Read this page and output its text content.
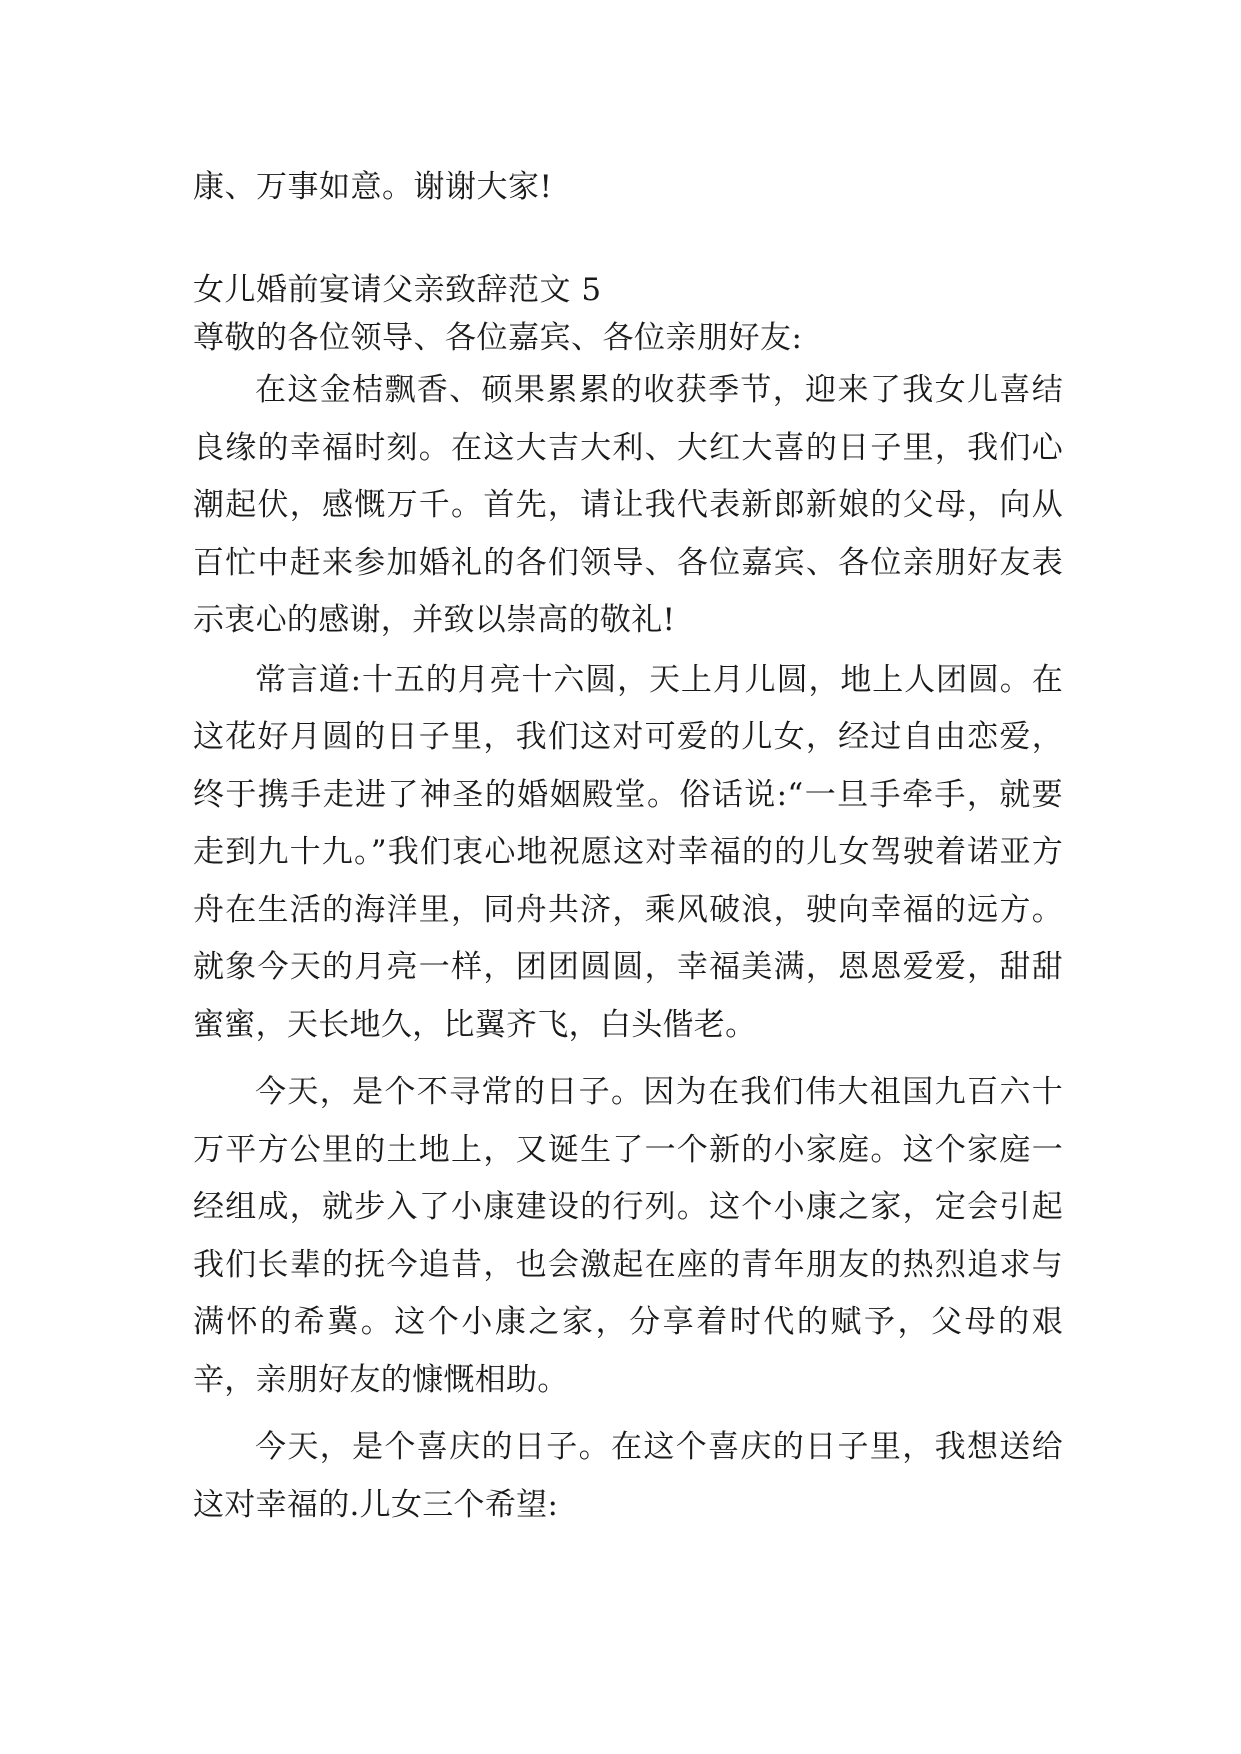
康、万事如意。谢谢大家!
女儿婚前宴请父亲致辞范文 5
尊敬的各位领导、各位嘉宾、各位亲朋好友:

在这金桔飘香、硕果累累的收获季节，迎来了我女儿喜结良缘的幸福时刻。在这大吉大利、大红大喜的日子里，我们心潮起伏，感慨万千。首先，请让我代表新郎新娘的父母，向从百忙中赶来参加婚礼的各们领导、各位嘉宾、各位亲朋好友表示衷心的感谢，并致以崇高的敬礼!

常言道:十五的月亮十六圆，天上月儿圆，地上人团圆。在这花好月圆的日子里，我们这对可爱的儿女，经过自由恋爱，终于携手走进了神圣的婚姻殿堂。俗话说:“一旦手牵手，就要走到九十九。”我们衷心地祝愿这对幸福的的儿女驾驶着诺亚方舟在生活的海洋里，同舟共济，乘风破浪，驶向幸福的远方。就象今天的月亮一样，团团圆圆，幸福美满，恩恩爱爱，甜甜蜜蜜，天长地久，比翼齐飞，白头偕老。

今天，是个不寻常的日子。因为在我们伟大祖国九百六十万平方公里的土地上，又诞生了一个新的小家庭。这个家庭一经组成，就步入了小康建设的行列。这个小康之家，定会引起我们长辈的抚今追昔，也会激起在座的青年朋友的热烈追求与满怀的希冀。这个小康之家，分享着时代的赋予，父母的艰辛，亲朋好友的慷慨相助。

今天，是个喜庆的日子。在这个喜庆的日子里，我想送给这对幸福的.儿女三个希望:
